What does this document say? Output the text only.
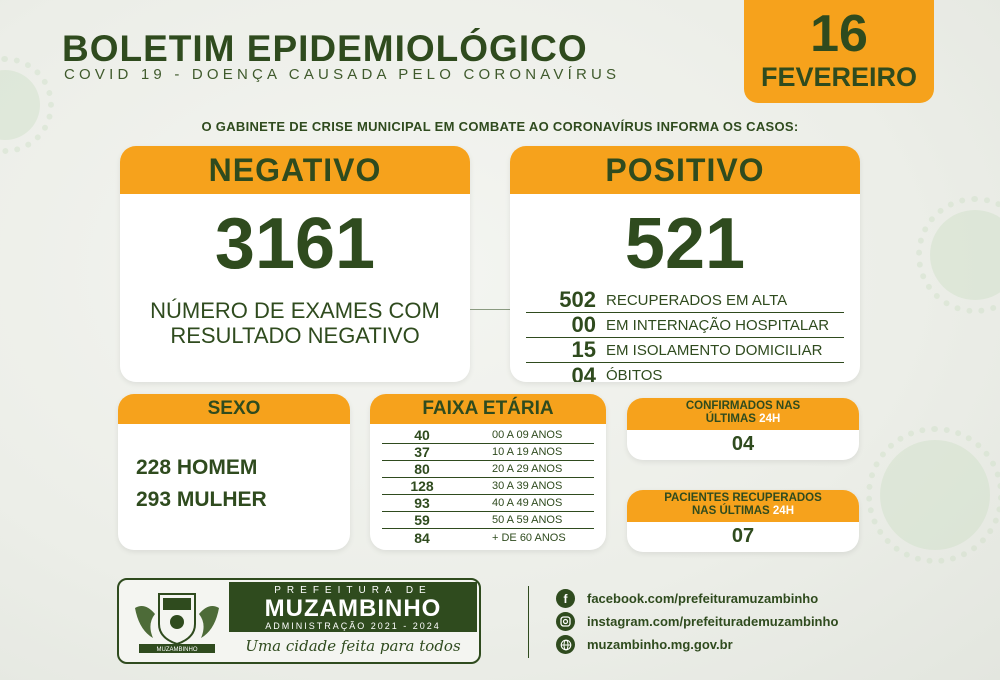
BOLETIM EPIDEMIOLÓGICO
COVID 19 - DOENÇA CAUSADA PELO CORONAVÍRUS
16
FEVEREIRO
O GABINETE DE CRISE MUNICIPAL EM COMBATE AO CORONAVÍRUS INFORMA OS CASOS:
NEGATIVO
3161
NÚMERO DE EXAMES COM
RESULTADO NEGATIVO
POSITIVO
521
502 RECUPERADOS EM ALTA
00 EM INTERNAÇÃO HOSPITALAR
15 EM ISOLAMENTO DOMICILIAR
04 ÓBITOS
SEXO
228 HOMEM
293 MULHER
FAIXA ETÁRIA
40	00 A 09 ANOS
37	10 A 19 ANOS
80	20 A 29 ANOS
128	30 A 39 ANOS
93	40 A 49 ANOS
59	50 A 59 ANOS
84	+ DE 60 ANOS
CONFIRMADOS NAS
ÚLTIMAS 24H
04
PACIENTES RECUPERADOS
NAS ÚLTIMAS 24H
07
MUZAMBINHO
PREFEITURA DE
MUZAMBINHO
ADMINISTRAÇÃO 2021 - 2024
Uma cidade feita para todos
f	facebook.com/prefeituramuzambinho
instagram.com/prefeiturademuzambinho
muzambinho.mg.gov.br
